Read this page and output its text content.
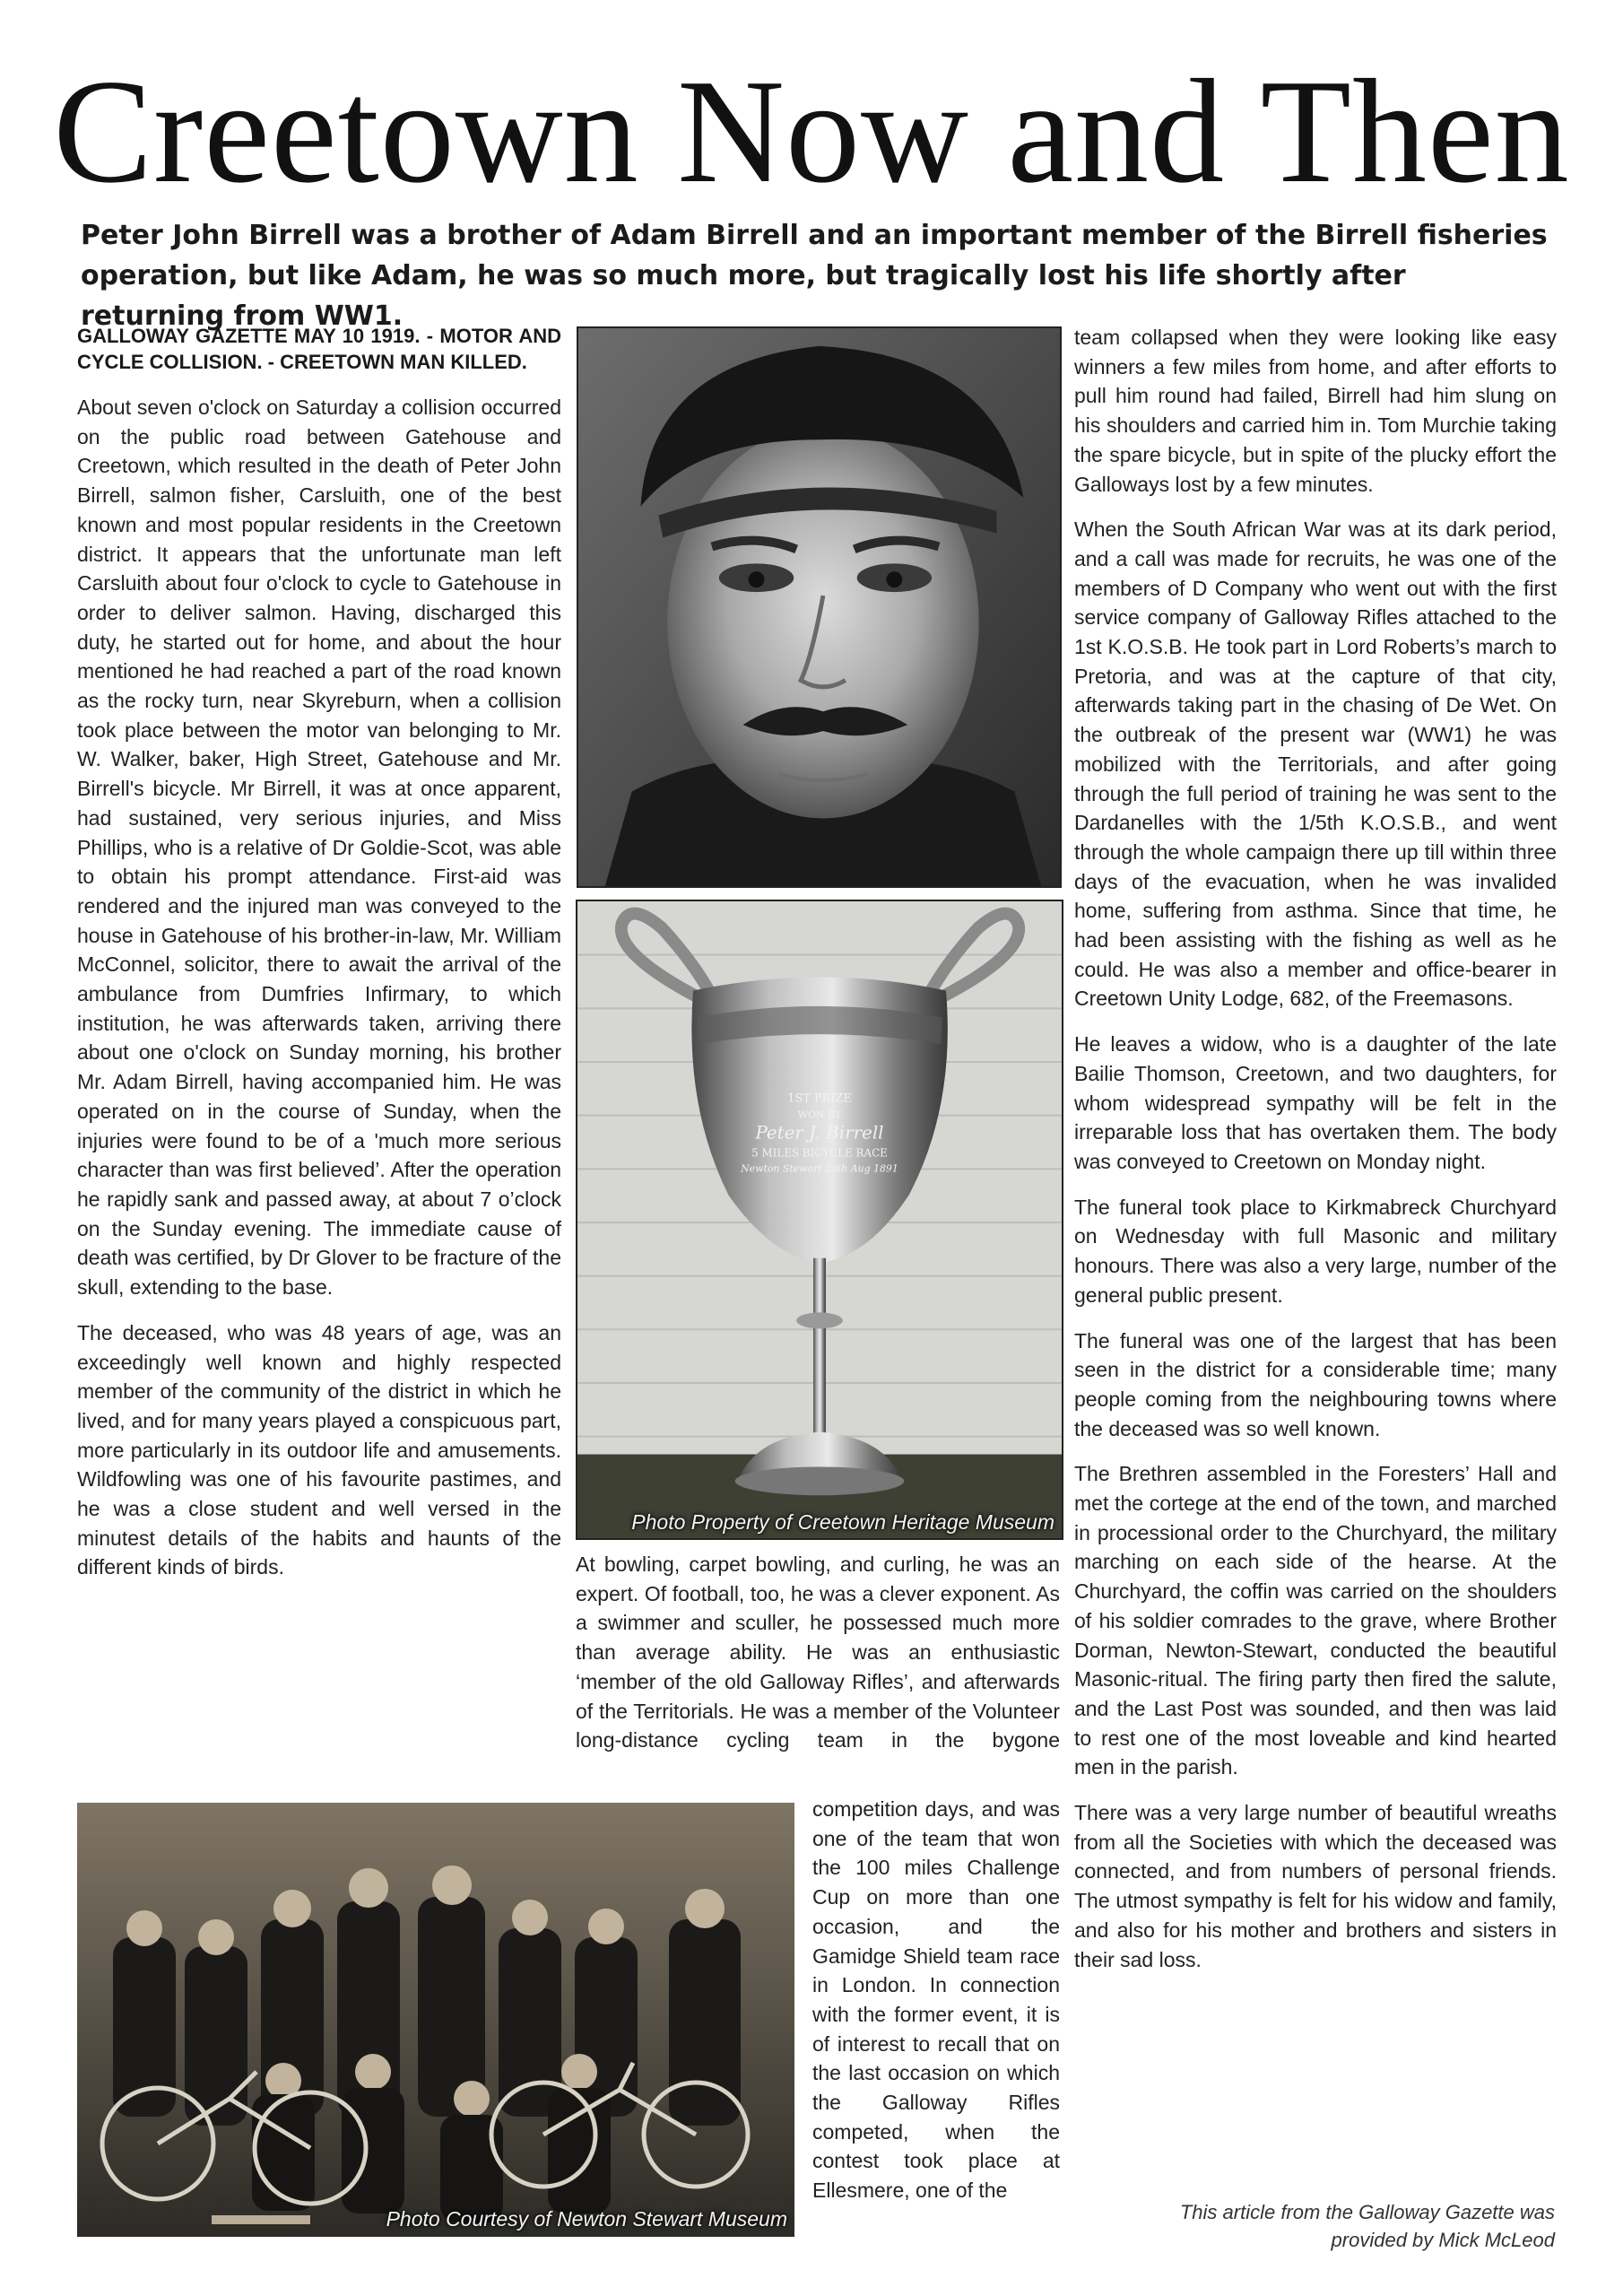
Creetown Now and Then
Peter John Birrell was a brother of Adam Birrell and an important member of the Birrell fisheries operation, but like Adam, he was so much more, but tragically lost his life shortly after returning from WW1.
GALLOWAY GAZETTE MAY 10 1919. - MOTOR AND CYCLE COLLISION. - CREETOWN MAN KILLED.

About seven o'clock on Saturday a collision occurred on the public road between Gatehouse and Creetown, which resulted in the death of Peter John Birrell, salmon fisher, Carsluith, one of the best known and most popular residents in the Creetown district. It appears that the unfortunate man left Carsluith about four o'clock to cycle to Gatehouse in order to deliver salmon. Having, discharged this duty, he started out for home, and about the hour mentioned he had reached a part of the road known as the rocky turn, near Skyreburn, when a collision took place between the motor van belonging to Mr. W. Walker, baker, High Street, Gatehouse and Mr. Birrell's bicycle. Mr Birrell, it was at once apparent, had sustained, very serious injuries, and Miss Phillips, who is a relative of Dr Goldie-Scot, was able to obtain his prompt attendance. First-aid was rendered and the injured man was conveyed to the house in Gatehouse of his brother-in-law, Mr. William McConnel, solicitor, there to await the arrival of the ambulance from Dumfries Infirmary, to which institution, he was afterwards taken, arriving there about one o'clock on Sunday morning, his brother Mr. Adam Birrell, having accompanied him. He was operated on in the course of Sunday, when the injuries were found to be of a 'much more serious character than was first believed’. After the operation he rapidly sank and passed away, at about 7 o’clock on the Sunday evening. The immediate cause of death was certified, by Dr Glover to be fracture of the skull, extending to the base.

The deceased, who was 48 years of age, was an exceedingly well known and highly respected member of the community of the district in which he lived, and for many years played a conspicuous part, more particularly in its outdoor life and amusements. Wildfowling was one of his favourite pastimes, and he was a close student and well versed in the minutest details of the habits and haunts of the different kinds of birds.

1ST PRIZE
WON BY
Peter J. Birrell
5 MILES BICYCLE RACE
Newton Stewart 20th Aug 1891
Photo Property of Creetown Heritage Museum

At bowling, carpet bowling, and curling, he was an expert. Of football, too, he was a clever exponent. As a swimmer and sculler, he possessed much more than average ability. He was an enthusiastic ‘member of the old Galloway Rifles’, and afterwards of the Territorials. He was a member of the Volunteer long-distance cycling team in the bygone

competition days, and was one of the team that won the 100 miles Challenge Cup on more than one occasion, and the Gamidge Shield team race in London. In connection with the former event, it is of interest to recall that on the last occasion on which the Galloway Rifles competed, when the contest took place at Ellesmere, one of the

Photo Courtesy of Newton Stewart Museum

team collapsed when they were looking like easy winners a few miles from home, and after efforts to pull him round had failed, Birrell had him slung on his shoulders and carried him in. Tom Murchie taking the spare bicycle, but in spite of the plucky effort the Galloways lost by a few minutes.

When the South African War was at its dark period, and a call was made for recruits, he was one of the members of D Company who went out with the first service company of Galloway Rifles attached to the 1st K.O.S.B. He took part in Lord Roberts’s march to Pretoria, and was at the capture of that city, afterwards taking part in the chasing of De Wet. On the outbreak of the present war (WW1) he was mobilized with the Territorials, and after going through the full period of training he was sent to the Dardanelles with the 1/5th K.O.S.B., and went through the whole campaign there up till within three days of the evacuation, when he was invalided home, suffering from asthma. Since that time, he had been assisting with the fishing as well as he could. He was also a member and office-bearer in Creetown Unity Lodge, 682, of the Freemasons.

He leaves a widow, who is a daughter of the late Bailie Thomson, Creetown, and two daughters, for whom widespread sympathy will be felt in the irreparable loss that has overtaken them. The body was conveyed to Creetown on Monday night.

The funeral took place to Kirkmabreck Churchyard on Wednesday with full Masonic and military honours. There was also a very large, number of the general public present.

The funeral was one of the largest that has been seen in the district for a considerable time; many people coming from the neighbouring towns where the deceased was so well known.

The Brethren assembled in the Foresters’ Hall and met the cortege at the end of the town, and marched in processional order to the Churchyard, the military marching on each side of the hearse. At the Churchyard, the coffin was carried on the shoulders of his soldier comrades to the grave, where Brother Dorman, Newton-Stewart, conducted the beautiful Masonic-ritual. The firing party then fired the salute, and the Last Post was sounded, and then was laid to rest one of the most loveable and kind hearted men in the parish.

There was a very large number of beautiful wreaths from all the Societies with which the deceased was connected, and from numbers of personal friends. The utmost sympathy is felt for his widow and family, and also for his mother and brothers and sisters in their sad loss.

This article from the Galloway Gazette was
provided by Mick McLeod
